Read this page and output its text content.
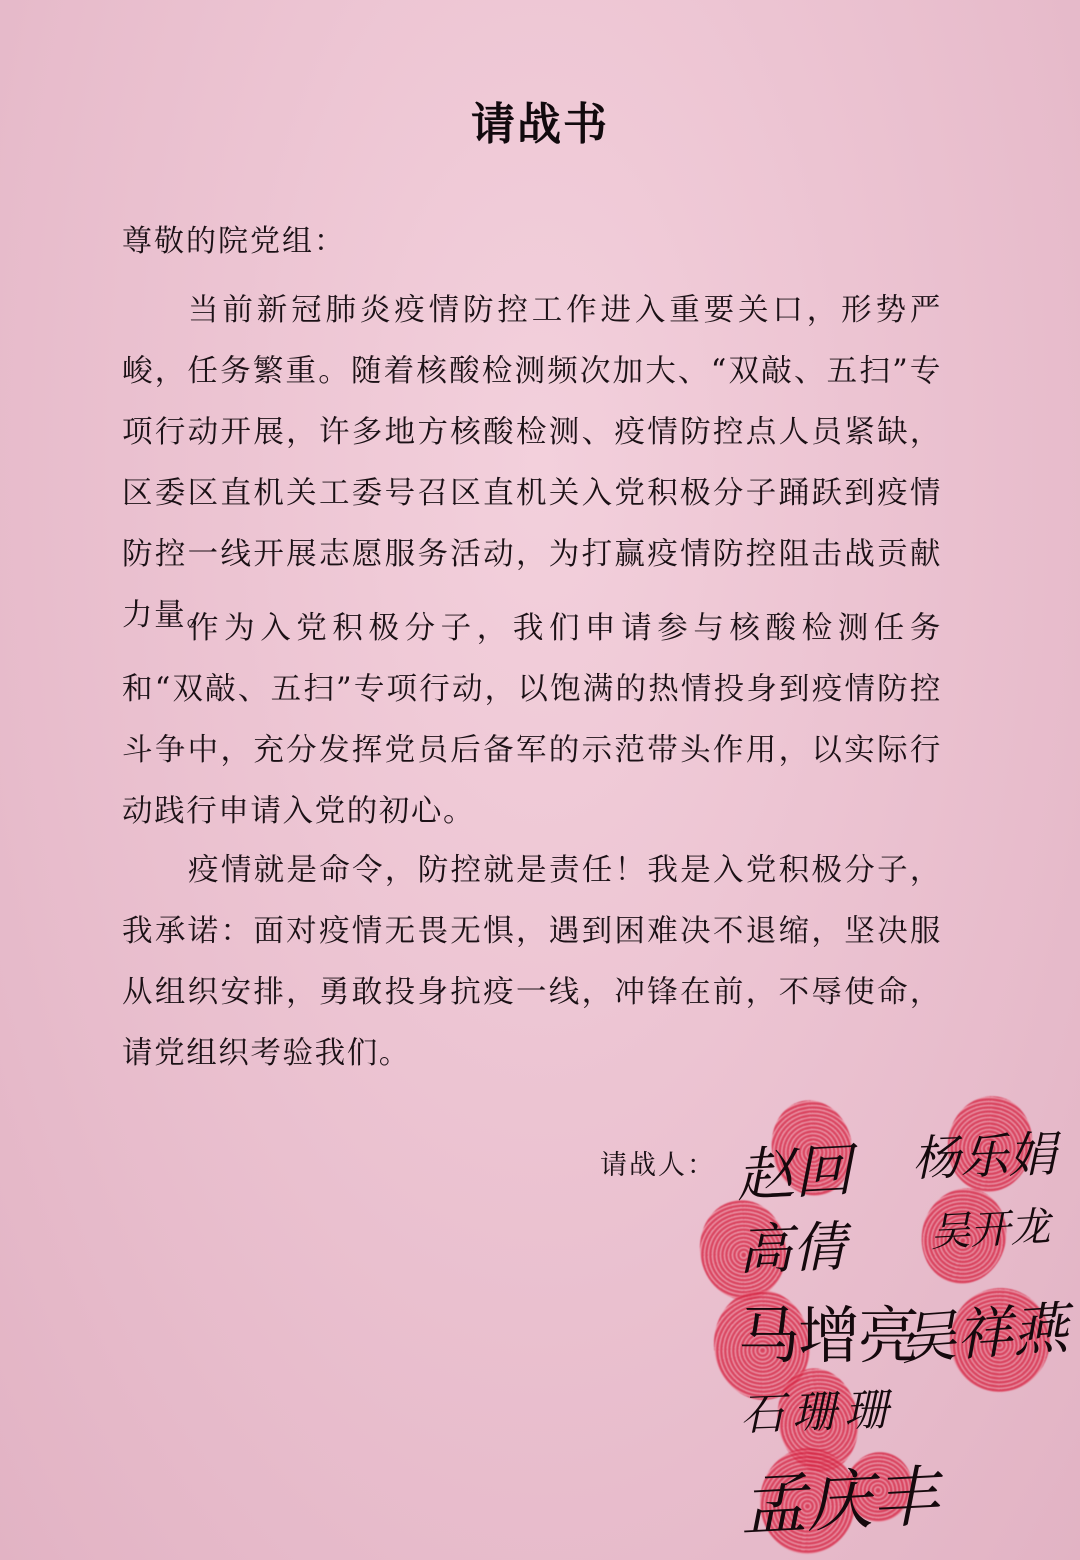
请战书
尊敬的院党组：

当前新冠肺炎疫情防控工作进入重要关口，形势严峻，任务繁重。随着核酸检测频次加大、“双敲、五扫”专项行动开展，许多地方核酸检测、疫情防控点人员紧缺，区委区直机关工委号召区直机关入党积极分子踊跃到疫情防控一线开展志愿服务活动，为打赢疫情防控阻击战贡献力量。

作为入党积极分子，我们申请参与核酸检测任务和“双敲、五扫”专项行动，以饱满的热情投身到疫情防控斗争中，充分发挥党员后备军的示范带头作用，以实际行动践行申请入党的初心。

疫情就是命令，防控就是责任！我是入党积极分子，我承诺：面对疫情无畏无惧，遇到困难决不退缩，坚决服从组织安排，勇敢投身抗疫一线，冲锋在前，不辱使命，请党组织考验我们。

请战人： 赵回 杨乐娟
高倩 吴开龙
马增亮
吴祥燕
石珊珊
孟庆丰
